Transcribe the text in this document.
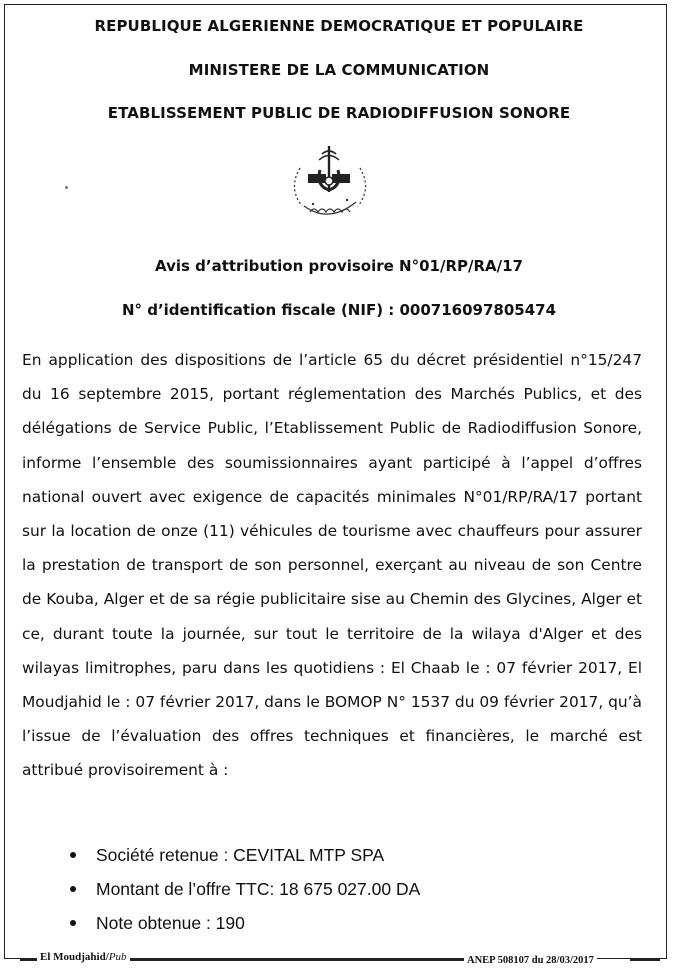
REPUBLIQUE ALGERIENNE DEMOCRATIQUE ET POPULAIRE
MINISTERE DE LA COMMUNICATION
ETABLISSEMENT PUBLIC DE RADIODIFFUSION SONORE
Avis d’attribution provisoire N°01/RP/RA/17
N° d’identification fiscale (NIF) : 000716097805474
En application des dispositions de l’article 65 du décret présidentiel n°15/247 du 16 septembre 2015, portant réglementation des Marchés Publics, et des délégations de Service Public, l’Etablissement Public de Radiodiffusion Sonore, informe l’ensemble des soumissionnaires ayant participé à l’appel d’offres national ouvert avec exigence de capacités minimales N°01/RP/RA/17 portant sur la location de onze (11) véhicules de tourisme avec chauffeurs pour assurer la prestation de transport de son personnel, exerçant au niveau de son Centre de Kouba, Alger et de sa régie publicitaire sise au Chemin des Glycines, Alger et ce, durant toute la journée, sur tout le territoire de la wilaya d'Alger et des wilayas limitrophes, paru dans les quotidiens : El Chaab le : 07 février 2017, El Moudjahid le : 07 février 2017, dans le BOMOP N° 1537 du 09 février 2017, qu’à l’issue de l’évaluation des offres techniques et financières, le marché est attribué provisoirement à :
Société retenue : CEVITAL MTP SPA
Montant de l’offre TTC: 18 675 027.00 DA
Note obtenue : 190
El Moudjahid/Pub	ANEP 508107 du 28/03/2017
